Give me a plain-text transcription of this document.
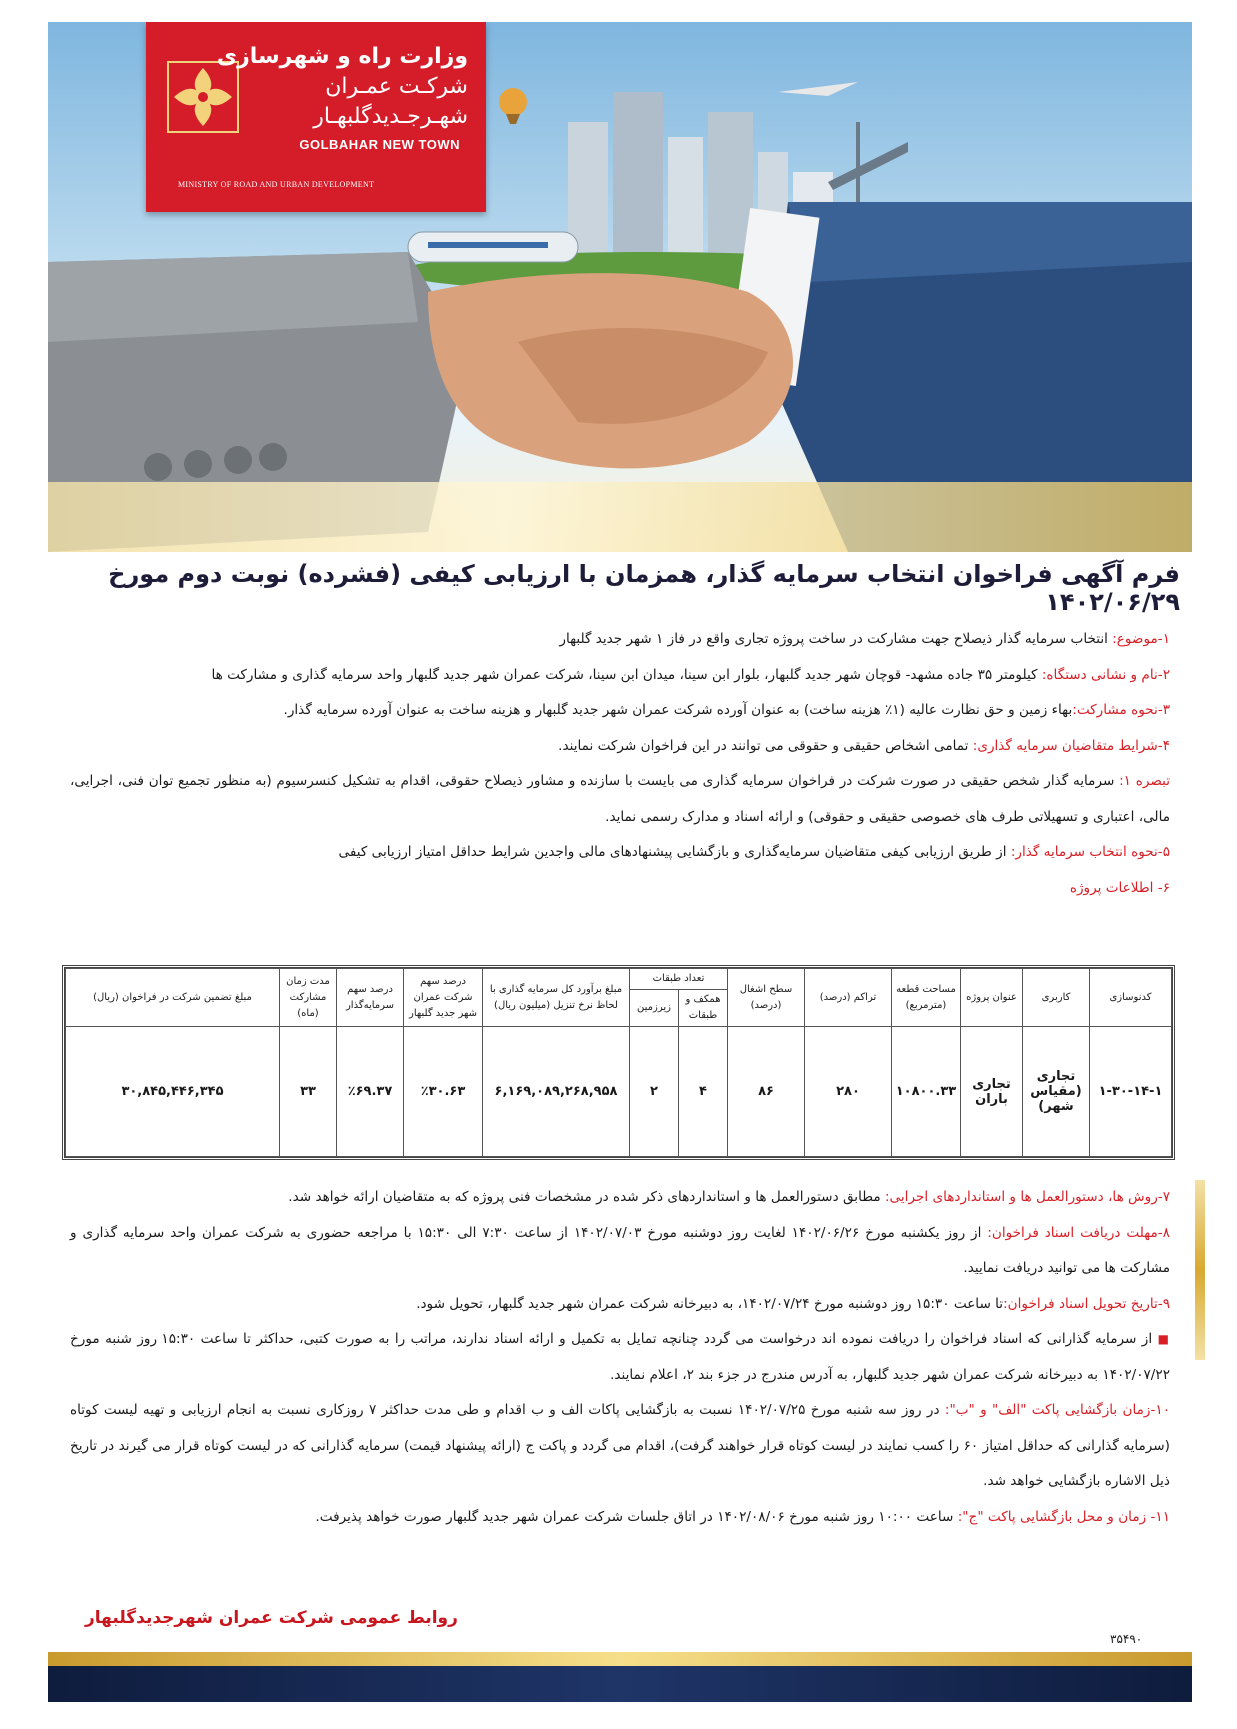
وزارت راه و شهرسازی
شرکـت عمـران
شهـرجـدیدگلبهـار
GOLBAHAR NEW TOWN
MINISTRY OF ROAD AND URBAN DEVELOPMENT
فرم آگهی فراخوان انتخاب سرمایه گذار، همزمان با ارزیابی کیفی (فشرده) نوبت دوم مورخ ۱۴۰۲/۰۶/۲۹

۱-موضوع: انتخاب سرمایه گذار ذیصلاح جهت مشارکت در ساخت پروژه تجاری واقع در فاز ۱ شهر جدید گلبهار

۲-نام و نشانی دستگاه: کیلومتر ۳۵ جاده مشهد- قوچان شهر جدید گلبهار، بلوار ابن سینا، میدان ابن سینا، شرکت عمران شهر جدید گلبهار واحد سرمایه گذاری و مشارکت ها

۳-نحوه مشارکت:بهاء زمین و حق نظارت عالیه (۱٪ هزینه ساخت) به عنوان آورده شرکت عمران شهر جدید گلبهار و هزینه ساخت به عنوان آورده سرمایه گذار.

۴-شرایط متقاضیان سرمایه گذاری: تمامی اشخاص حقیقی و حقوقی می توانند در این فراخوان شرکت نمایند.

تبصره ۱: سرمایه گذار شخص حقیقی در صورت شرکت در فراخوان سرمایه گذاری می بایست با سازنده و مشاور ذیصلاح حقوقی، اقدام به تشکیل کنسرسیوم (به منظور تجمیع توان فنی، اجرایی، مالی، اعتباری و تسهیلاتی طرف های خصوصی حقیقی و حقوقی) و ارائه اسناد و مدارک رسمی نماید.

۵-نحوه انتخاب سرمایه گذار: از طریق ارزیابی کیفی متقاضیان سرمایه‌گذاری و بازگشایی پیشنهادهای مالی واجدین شرایط حداقل امتیاز ارزیابی کیفی

۶- اطلاعات پروژه

کدنوسازی	کاربری	عنوان پروژه	مساحت قطعه (مترمربع)	تراکم (درصد)	سطح اشغال (درصد)	تعداد طبقات		مبلغ برآورد کل سرمایه گذاری با لحاظ نرخ تنزیل (میلیون ریال)	درصد سهم شرکت عمران شهر جدید گلبهار	درصد سهم سرمایه‌گذار	مدت زمان مشارکت (ماه)	مبلغ تضمین شرکت در فراخوان (ریال)
						همکف و طبقات	زیرزمین					
۱-۳۰-۱۴-۱	تجاری (مقیاس شهر)	تجاری باران	۱۰۸۰۰.۳۳	۲۸۰	۸۶	۴	۲	۶,۱۶۹,۰۸۹,۲۶۸,۹۵۸	٪۳۰.۶۳	٪۶۹.۳۷	۳۳	۳۰,۸۴۵,۴۴۶,۳۴۵

۷-روش ها، دستورالعمل ها و استانداردهای اجرایی: مطابق دستورالعمل ها و استانداردهای ذکر شده در مشخصات فنی پروژه که به متقاضیان ارائه خواهد شد.

۸-مهلت دریافت اسناد فراخوان: از روز یکشنبه مورخ ۱۴۰۲/۰۶/۲۶ لغایت روز دوشنبه مورخ ۱۴۰۲/۰۷/۰۳ از ساعت ۷:۳۰ الی ۱۵:۳۰ با مراجعه حضوری به شرکت عمران واحد سرمایه گذاری و مشارکت ها می توانید دریافت نمایید.

۹-تاریخ تحویل اسناد فراخوان:تا ساعت ۱۵:۳۰ روز دوشنبه مورخ ۱۴۰۲/۰۷/۲۴، به دبیرخانه شرکت عمران شهر جدید گلبهار، تحویل شود.

■ از سرمایه گذارانی که اسناد فراخوان را دریافت نموده اند درخواست می گردد چنانچه تمایل به تکمیل و ارائه اسناد ندارند، مراتب را به صورت کتبی، حداکثر تا ساعت ۱۵:۳۰ روز شنبه مورخ ۱۴۰۲/۰۷/۲۲ به دبیرخانه شرکت عمران شهر جدید گلبهار، به آدرس مندرج در جزء بند ۲، اعلام نمایند.

۱۰-زمان بازگشایی پاکت "الف" و "ب": در روز سه شنبه مورخ ۱۴۰۲/۰۷/۲۵ نسبت به بازگشایی پاکات الف و ب اقدام و طی مدت حداکثر ۷ روزکاری نسبت به انجام ارزیابی و تهیه لیست کوتاه (سرمایه گذارانی که حداقل امتیاز ۶۰ را کسب نمایند در لیست کوتاه قرار خواهند گرفت)، اقدام می گردد و پاکت ج (ارائه پیشنهاد قیمت) سرمایه گذارانی که در لیست کوتاه قرار می گیرند در تاریخ ذیل الاشاره بازگشایی خواهد شد.

۱۱- زمان و محل بازگشایی پاکت "ج": ساعت ۱۰:۰۰ روز شنبه مورخ ۱۴۰۲/۰۸/۰۶ در اتاق جلسات شرکت عمران شهر جدید گلبهار صورت خواهد پذیرفت.

روابط عمومی شرکت عمران شهرجدیدگلبهار
۳۵۴۹۰
